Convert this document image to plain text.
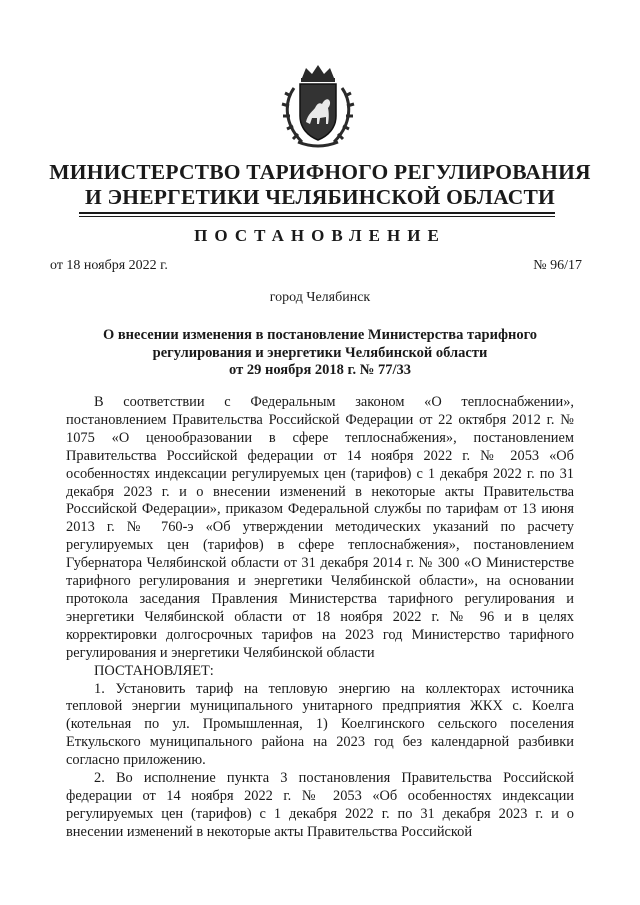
МИНИСТЕРСТВО ТАРИФНОГО РЕГУЛИРОВАНИЯ
И ЭНЕРГЕТИКИ ЧЕЛЯБИНСКОЙ ОБЛАСТИ
ПОСТАНОВЛЕНИЕ
от 18 ноября 2022 г.	№ 96/17
город Челябинск
О внесении изменения в постановление Министерства тарифного
регулирования и энергетики Челябинской области
от 29 ноября 2018 г. № 77/33

В соответствии с Федеральным законом «О теплоснабжении», постановлением Правительства Российской Федерации от 22 октября 2012 г. № 1075 «О ценообразовании в сфере теплоснабжения», постановлением Правительства Российской федерации от 14 ноября 2022 г. № 2053 «Об особенностях индексации регулируемых цен (тарифов) с 1 декабря 2022 г. по 31 декабря 2023 г. и о внесении изменений в некоторые акты Правительства Российской Федерации», приказом Федеральной службы по тарифам от 13 июня 2013 г. № 760-э «Об утверждении методических указаний по расчету регулируемых цен (тарифов) в сфере теплоснабжения», постановлением Губернатора Челябинской области от 31 декабря 2014 г. № 300 «О Министерстве тарифного регулирования и энергетики Челябинской области», на основании протокола заседания Правления Министерства тарифного регулирования и энергетики Челябинской области от 18 ноября 2022 г. № 96 и в целях корректировки долгосрочных тарифов на 2023 год Министерство тарифного регулирования и энергетики Челябинской области

ПОСТАНОВЛЯЕТ:

1. Установить тариф на тепловую энергию на коллекторах источника тепловой энергии муниципального унитарного предприятия ЖКХ с. Коелга (котельная по ул. Промышленная, 1) Коелгинского сельского поселения Еткульского муниципального района на 2023 год без календарной разбивки согласно приложению.

2. Во исполнение пункта 3 постановления Правительства Российской федерации от 14 ноября 2022 г. № 2053 «Об особенностях индексации регулируемых цен (тарифов) с 1 декабря 2022 г. по 31 декабря 2023 г. и о внесении изменений в некоторые акты Правительства Российской
